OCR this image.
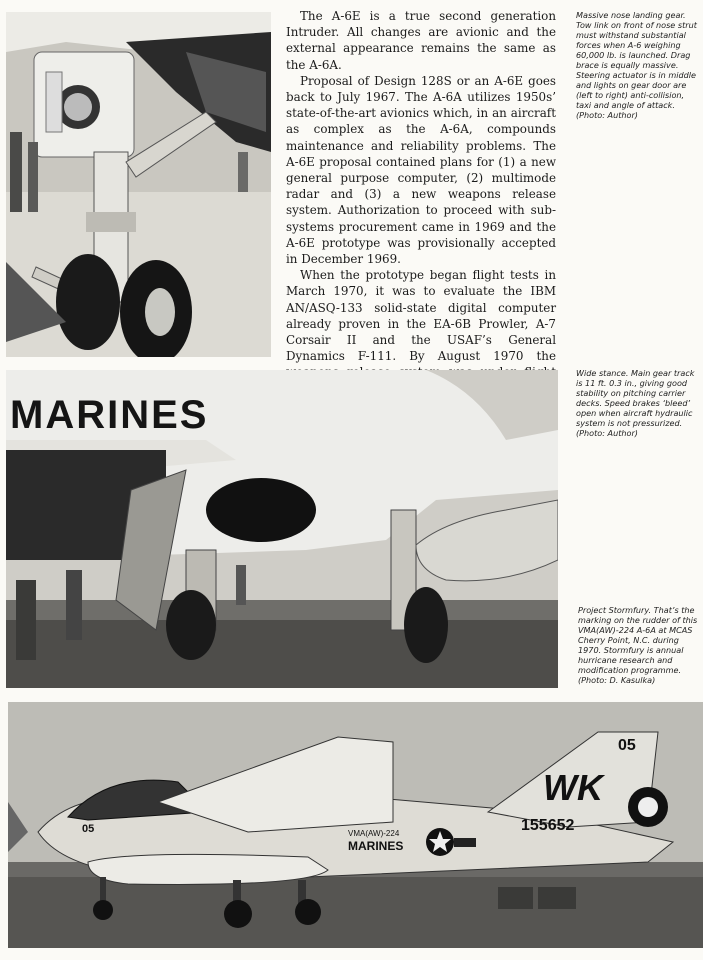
The A-6E is a true second generation Intruder. All changes are avionic and the external appearance remains the same as the A-6A.

Proposal of Design 128S or an A-6E goes back to July 1967. The A-6A utilizes 1950s’ state-of-the-art avionics which, in an aircraft as complex as the A-6A, compounds maintenance and reliability problems. The A-6E proposal contained plans for (1) a new general purpose computer, (2) multimode radar and (3) a new weapons release system. Authorization to proceed with sub-systems procurement came in 1969 and the A-6E prototype was provisionally accepted in December 1969.

When the prototype began flight tests in March 1970, it was to evaluate the IBM AN/ASQ-133 solid-state digital computer already proven in the EA-6B Prowler, A-7 Corsair II and the USAF’s General Dynamics F-111. By August 1970 the

Massive nose landing gear. Tow link on front of nose strut must withstand substantial forces when A-6 weighing 60,000 lb. is launched. Drag brace is equally massive. Steering actuator is in middle and lights on gear door are (left to right) anti-collision, taxi and angle of attack. (Photo: Author)
MARINES
Wide stance. Main gear track is 11 ft. 0.3 in., giving good stability on pitching carrier decks. Speed brakes ‘bleed’ open when aircraft hydraulic system is not pressurized. (Photo: Author)
Project Stormfury. That’s the marking on the rudder of this VMA(AW)-224 A-6A at MCAS Cherry Point, N.C. during 1970. Stormfury is annual hurricane research and modification programme. (Photo: D. Kasulka)
WK
05
155652
VMA(AW)-224
MARINES
05
